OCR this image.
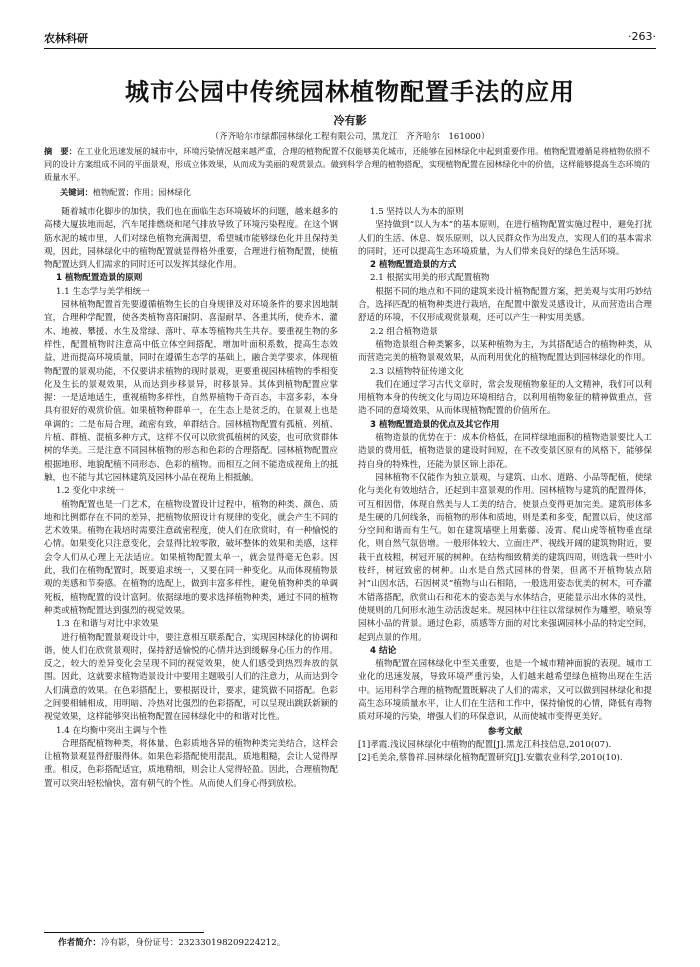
农林科研	·263·
城市公园中传统园林植物配置手法的应用
冷有影
（齐齐哈尔市绿都园林绿化工程有限公司，黑龙江　齐齐哈尔　161000）
摘　要：在工业化迅速发展的城市中，环境污染情况越来越严重，合理的植物配置不仅能够美化城市，还能够在园林绿化中起到重要作用。植物配置遵循是将植物依照不同的设计方案组成不同的平面景观，形成立体效果，从而成为美丽的观赏景点。做到科学合理的植物搭配，实现植物配置在园林绿化中的价值，这样能够提高生态环境的质量水平。
关键词：植物配置；作用；园林绿化

随着城市化脚步的加快，我们也在面临生态环境破坏的问题，越来越多的高楼大厦拔地而起，汽车尾排燃烧和尾气排放导致了环境污染程度。在这个钢筋水泥的城市里，人们对绿色植物充满渴望，希望城市能够绿色化并且保持美观，因此，园林绿化中的植物配置就显得格外重要，合理进行植物配置，使植物配置达到人们需求的同时还可以发挥其绿化作用。

1 植物配置造景的原则
1.1 生态学与美学相统一

园林植物配置首先要遵循植物生长的自身规律及对环境条件的要求因地制宜，合理种学配置，使各类植物喜阳耐阴、喜湿耐旱、各重其所，使乔木、灌木、地被、攀援、水生及常绿、落叶、草本等植物共生共存。要重视生物的多样性，配置植物时注意高中低立体空间搭配，增加叶面积系数，提高生态效益，进而提高环境质量，同时在遵循生态学的基础上，融合美学要求，体现植物配置的景观功能，不仅要讲求植物的现时景观，更要重视园林植物的季相变化及生长的景观效果，从而达到步移景异，时移景异。其体到植物配置应掌握：一是适地适生，重视植物多样性，自然界植物千奇百态，丰富多彩，本身具有很好的观赏价值。如果植物种群单一，在生态上是贫乏的，在景观上也是单调的；二是布局合理，疏密有致，单群结合。园林植物配置有孤植、列植、片植、群植、混植多种方式，这样不仅可以欣赏孤植树的风姿，也可欣赏群体树的华美。三是注意不同园林植物的形态和色彩的合理搭配。园林植物配置应根据地形、地貌配植不同形态、色彩的植物。而相互之间不能造成视角上的抵触，也不能与其它园林建筑及园林小品在视角上相抵触。

1.2 变化中求统一

植物配置也是一门艺术，在植物设置设计过程中，植物的种类、颜色、质地和比例都存在不同的差异，把植物依照设计有规律的变化，就会产生不同的艺术效果。植物在栽培时需要注意疏密程度，使人们在欣赏时，有一种愉悦的心情。如果变化只注意变化，会显得比较零散，破坏整体的效果和美感，这样会令人们从心理上无法适应。如果植物配置太单一，就会显得毫无色彩。因此，我们在植物配置时，既要追求统一，又要在同一种变化。从而体现植物景观的美感和节奏感。在植物的选配上，做到丰富多样性，避免植物种类的单调死板，植物配置的设计富阿。依据绿地的要求选择植物种类，通过不同的植物种类或植物配置达到强烈的视觉效果。

1.3 在和谐与对比中求效果

进行植物配置景观设计中，要注意相互联系配合，实现园林绿化的协调和谐，使人们在欣赏景观时，保持舒适愉悦的心情并达到缓解身心压力的作用。反之，较大的差异变化会呈现不同的视觉效果，使人们感受到热烈奔放的氛围。因此，这就要求植物造景设计中要用主题吸引人们的注意力，从而达到令人们满意的效果。在色彩搭配上，要根据设计，要求，建筑做不同搭配。色彩之间要相辅相成，用明暗、冷热对比强烈的色彩搭配，可以呈现出跳跃新颖的视觉效果，这样能够突出植物配置在园林绿化中的和谐对比性。

1.4 在均衡中突出主调与个性

合理搭配植物种类，将体量、色彩质地各异的植物种类完美结合，这样会让植物景观显得舒服得体。如果色彩搭配使用混乱，质地粗糙，会让人觉得厚重。相反，色彩搭配适宜，质地精细，则会让人觉得轻盈。因此，合理植物配置可以突出轻松愉快，富有朝气的个性。从而使人们身心得到放松。

1.5 坚持以人为本的原则

坚持做到“以人为本”的基本原则，在进行植物配置实施过程中，避免打扰人们的生活、休息、娱乐原则，以人民群众作为出发点，实现人们的基本需求的同时，还可以提高生态环境质量，为人们带来良好的绿色生活环境。

2 植物配置造景的方式
2.1 根据实用美的形式配置植物

根据不同的地点和不同的建筑来设计植物配置方案，把美观与实用巧妙结合，选择匹配的植物种类进行栽培，在配置中激发灵感设计，从而营造出合理舒适的环境，不仅形成观赏景观，还可以产生一种实用美感。

2.2 组合植物造景

植物造景组合种类繁多，以某种植物为主，为其搭配适合的植物种类，从而营造完美的植物景观效果，从而利用优化的植物配置达到园林绿化的作用。

2.3 以植物特征传递文化

我们在通过学习古代文章时，常会发现植物象征的人文精神，我们可以利用植物本身的传统文化与周边环境相结合，以利用植物象征的精神做重点，营造不同的意境效果，从而体现植物配置的价值所在。

3 植物配置造景的优点及其它作用

植物造景的优势在于：成本价格低，在同样绿地面积的植物造景要比人工造景的费用低，植物造景的建设时间短，在不改变景区原有的风格下，能够保持自身的特殊性，还能为景区锦上添花。

园林植物不仅能作为独立景观，与建筑、山水、道路、小品等配植，使绿化与美化有效地结合，还起到丰富景观的作用。园林植物与建筑的配置得体，可互相因借，体现自然美与人工美的结合，使景点变得更加完美。建筑形体多是生硬的几何线条，而植物的形体和质地，则是柔和多变，配置以后，使这部分空间和谐而有生气。如在建筑墙壁上用紫藤、凌霄、爬山虎等植物垂直绿化，则自然气氛倍增。一般形体较大、立面庄严、视线开阔的建筑物附近，要栽干直枝粗，树冠开展的树种。在结构细致精美的建筑四周，则选栽一些叶小枝纤，树冠致密的树种。山水是自然式园林的骨架，但离不开植物装点陪衬“山因水活，石因树灵”植物与山石相陪，一般选用姿态优美的树木，可乔灌木错落搭配，欣赏山石和花木的姿态美与水体结合，更能显示出水体的灵性，使规则的几何形水池生动活泼起来。规园林中往往以常绿树作为雕塑，喷泉等园林小品的背景。通过色彩，质感等方面的对比来强调园林小品的特定空间，起到点景的作用。

4 结论

植物配置在园林绿化中至关重要，也是一个城市精神面貌的表现。城市工业化的迅速发展，导致环境严重污染，人们越来越希望绿色植物出现在生活中。运用科学合理的植物配置既解决了人们的需求，又可以做到园林绿化和提高生态环境质量水平，让人们在生活和工作中，保持愉悦的心情，降低有毒物质对环境的污染，增强人们的环保意识，从而使城市变得更美好。

参考文献

[1]孝霞.浅议园林绿化中植物的配置[J].黑龙江科技信息,2010(07).

[2]毛美余,蔡鲁祥.园林绿化植物配置研究[J].安徽农业科学,2010(10).

作者简介：冷有影，身份证号：232330198209224212。
